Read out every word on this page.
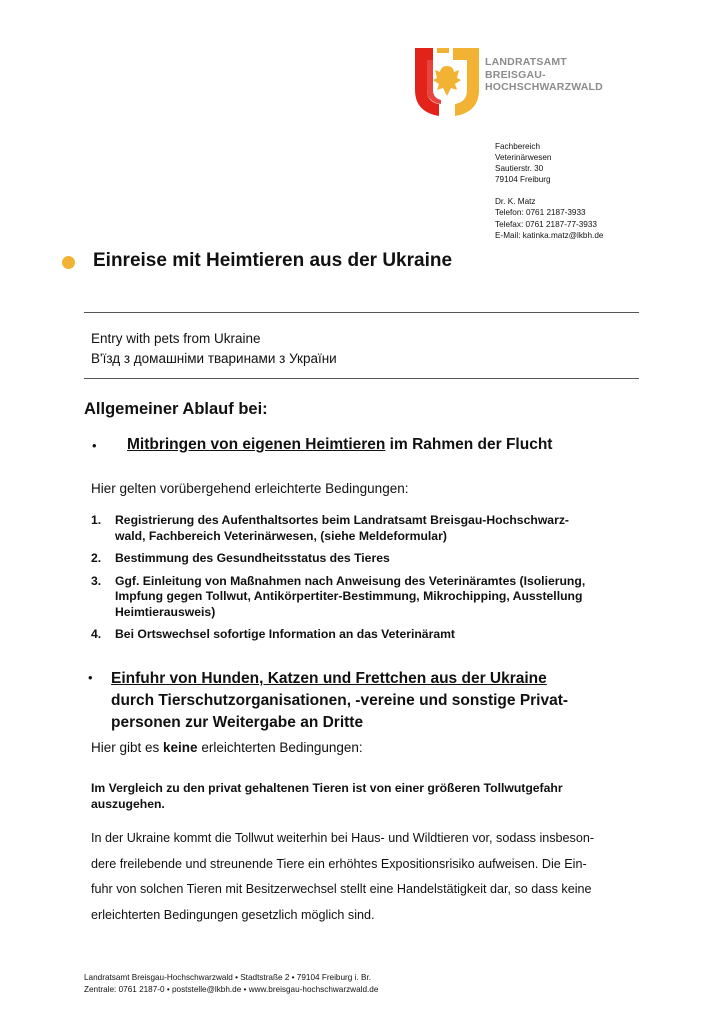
LANDRATSAMT
BREISGAU-
HOCHSCHWARZWALD
Fachbereich
Veterinärwesen
Sautierstr. 30
79104 Freiburg
Dr. K. Matz
Telefon: 0761 2187-3933
Telefax: 0761 2187-77-3933
E-Mail: katinka.matz@lkbh.de
Einreise mit Heimtieren aus der Ukraine
Entry with pets from Ukraine
В'їзд з домашніми тваринами з України
Allgemeiner Ablauf bei:
• Mitbringen von eigenen Heimtieren im Rahmen der Flucht
Hier gelten vorübergehend erleichterte Bedingungen:
1. Registrierung des Aufenthaltsortes beim Landratsamt Breisgau-Hochschwarz-
wald, Fachbereich Veterinärwesen, (siehe Meldeformular)
2. Bestimmung des Gesundheitsstatus des Tieres
3. Ggf. Einleitung von Maßnahmen nach Anweisung des Veterinäramtes (Isolierung,
Impfung gegen Tollwut, Antikörpertiter-Bestimmung, Mikrochipping, Ausstellung
Heimtierausweis)
4. Bei Ortswechsel sofortige Information an das Veterinäramt
• Einfuhr von Hunden, Katzen und Frettchen aus der Ukraine
durch Tierschutzorganisationen, -vereine und sonstige Privat-
personen zur Weitergabe an Dritte
Hier gibt es keine erleichterten Bedingungen:
Im Vergleich zu den privat gehaltenen Tieren ist von einer größeren Tollwutgefahr
auszugehen.
In der Ukraine kommt die Tollwut weiterhin bei Haus- und Wildtieren vor, sodass insbeson-
dere freilebende und streunende Tiere ein erhöhtes Expositionsrisiko aufweisen. Die Ein-
fuhr von solchen Tieren mit Besitzerwechsel stellt eine Handelstätigkeit dar, so dass keine
erleichterten Bedingungen gesetzlich möglich sind.
Landratsamt Breisgau-Hochschwarzwald • Stadtstraße 2 • 79104 Freiburg i. Br.
Zentrale: 0761 2187-0 • poststelle@lkbh.de • www.breisgau-hochschwarzwald.de
